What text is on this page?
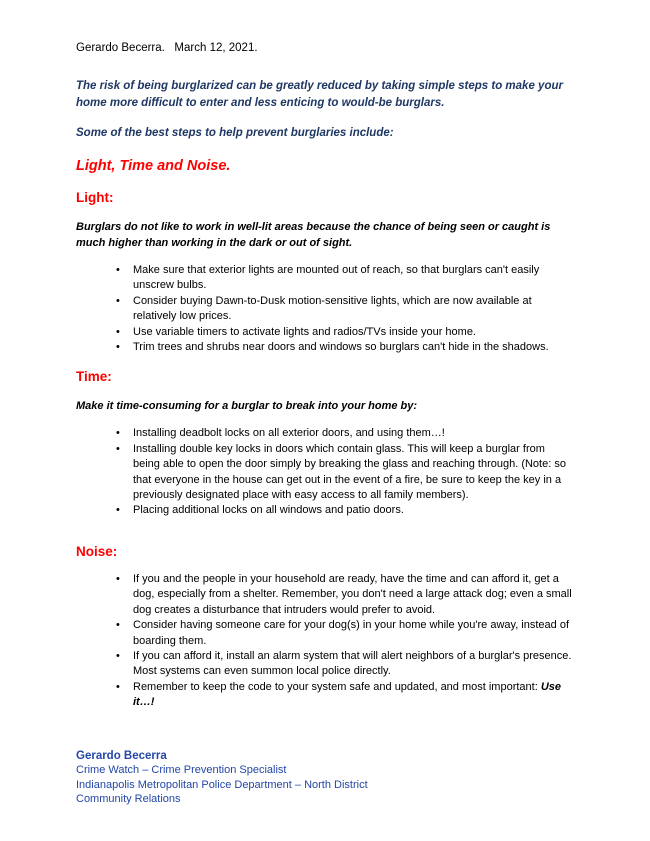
Gerardo Becerra.   March 12, 2021.

The risk of being burglarized can be greatly reduced by taking simple steps to make your home more difficult to enter and less enticing to would-be burglars.

Some of the best steps to help prevent burglaries include:

Light, Time and Noise.
Light:

Burglars do not like to work in well-lit areas because the chance of being seen or caught is much higher than working in the dark or out of sight.

• Make sure that exterior lights are mounted out of reach, so that burglars can't easily unscrew bulbs.
• Consider buying Dawn-to-Dusk motion-sensitive lights, which are now available at relatively low prices.
• Use variable timers to activate lights and radios/TVs inside your home.
• Trim trees and shrubs near doors and windows so burglars can't hide in the shadows.
Time:

Make it time-consuming for a burglar to break into your home by:

• Installing deadbolt locks on all exterior doors, and using them…!
• Installing double key locks in doors which contain glass. This will keep a burglar from being able to open the door simply by breaking the glass and reaching through. (Note: so that everyone in the house can get out in the event of a fire, be sure to keep the key in a previously designated place with easy access to all family members).
• Placing additional locks on all windows and patio doors.
Noise:
• If you and the people in your household are ready, have the time and can afford it, get a dog, especially from a shelter. Remember, you don't need a large attack dog; even a small dog creates a disturbance that intruders would prefer to avoid.
• Consider having someone care for your dog(s) in your home while you're away, instead of boarding them.
• If you can afford it, install an alarm system that will alert neighbors of a burglar's presence. Most systems can even summon local police directly.
• Remember to keep the code to your system safe and updated, and most important: Use it…!
Gerardo Becerra
Crime Watch – Crime Prevention Specialist
Indianapolis Metropolitan Police Department – North District
Community Relations
